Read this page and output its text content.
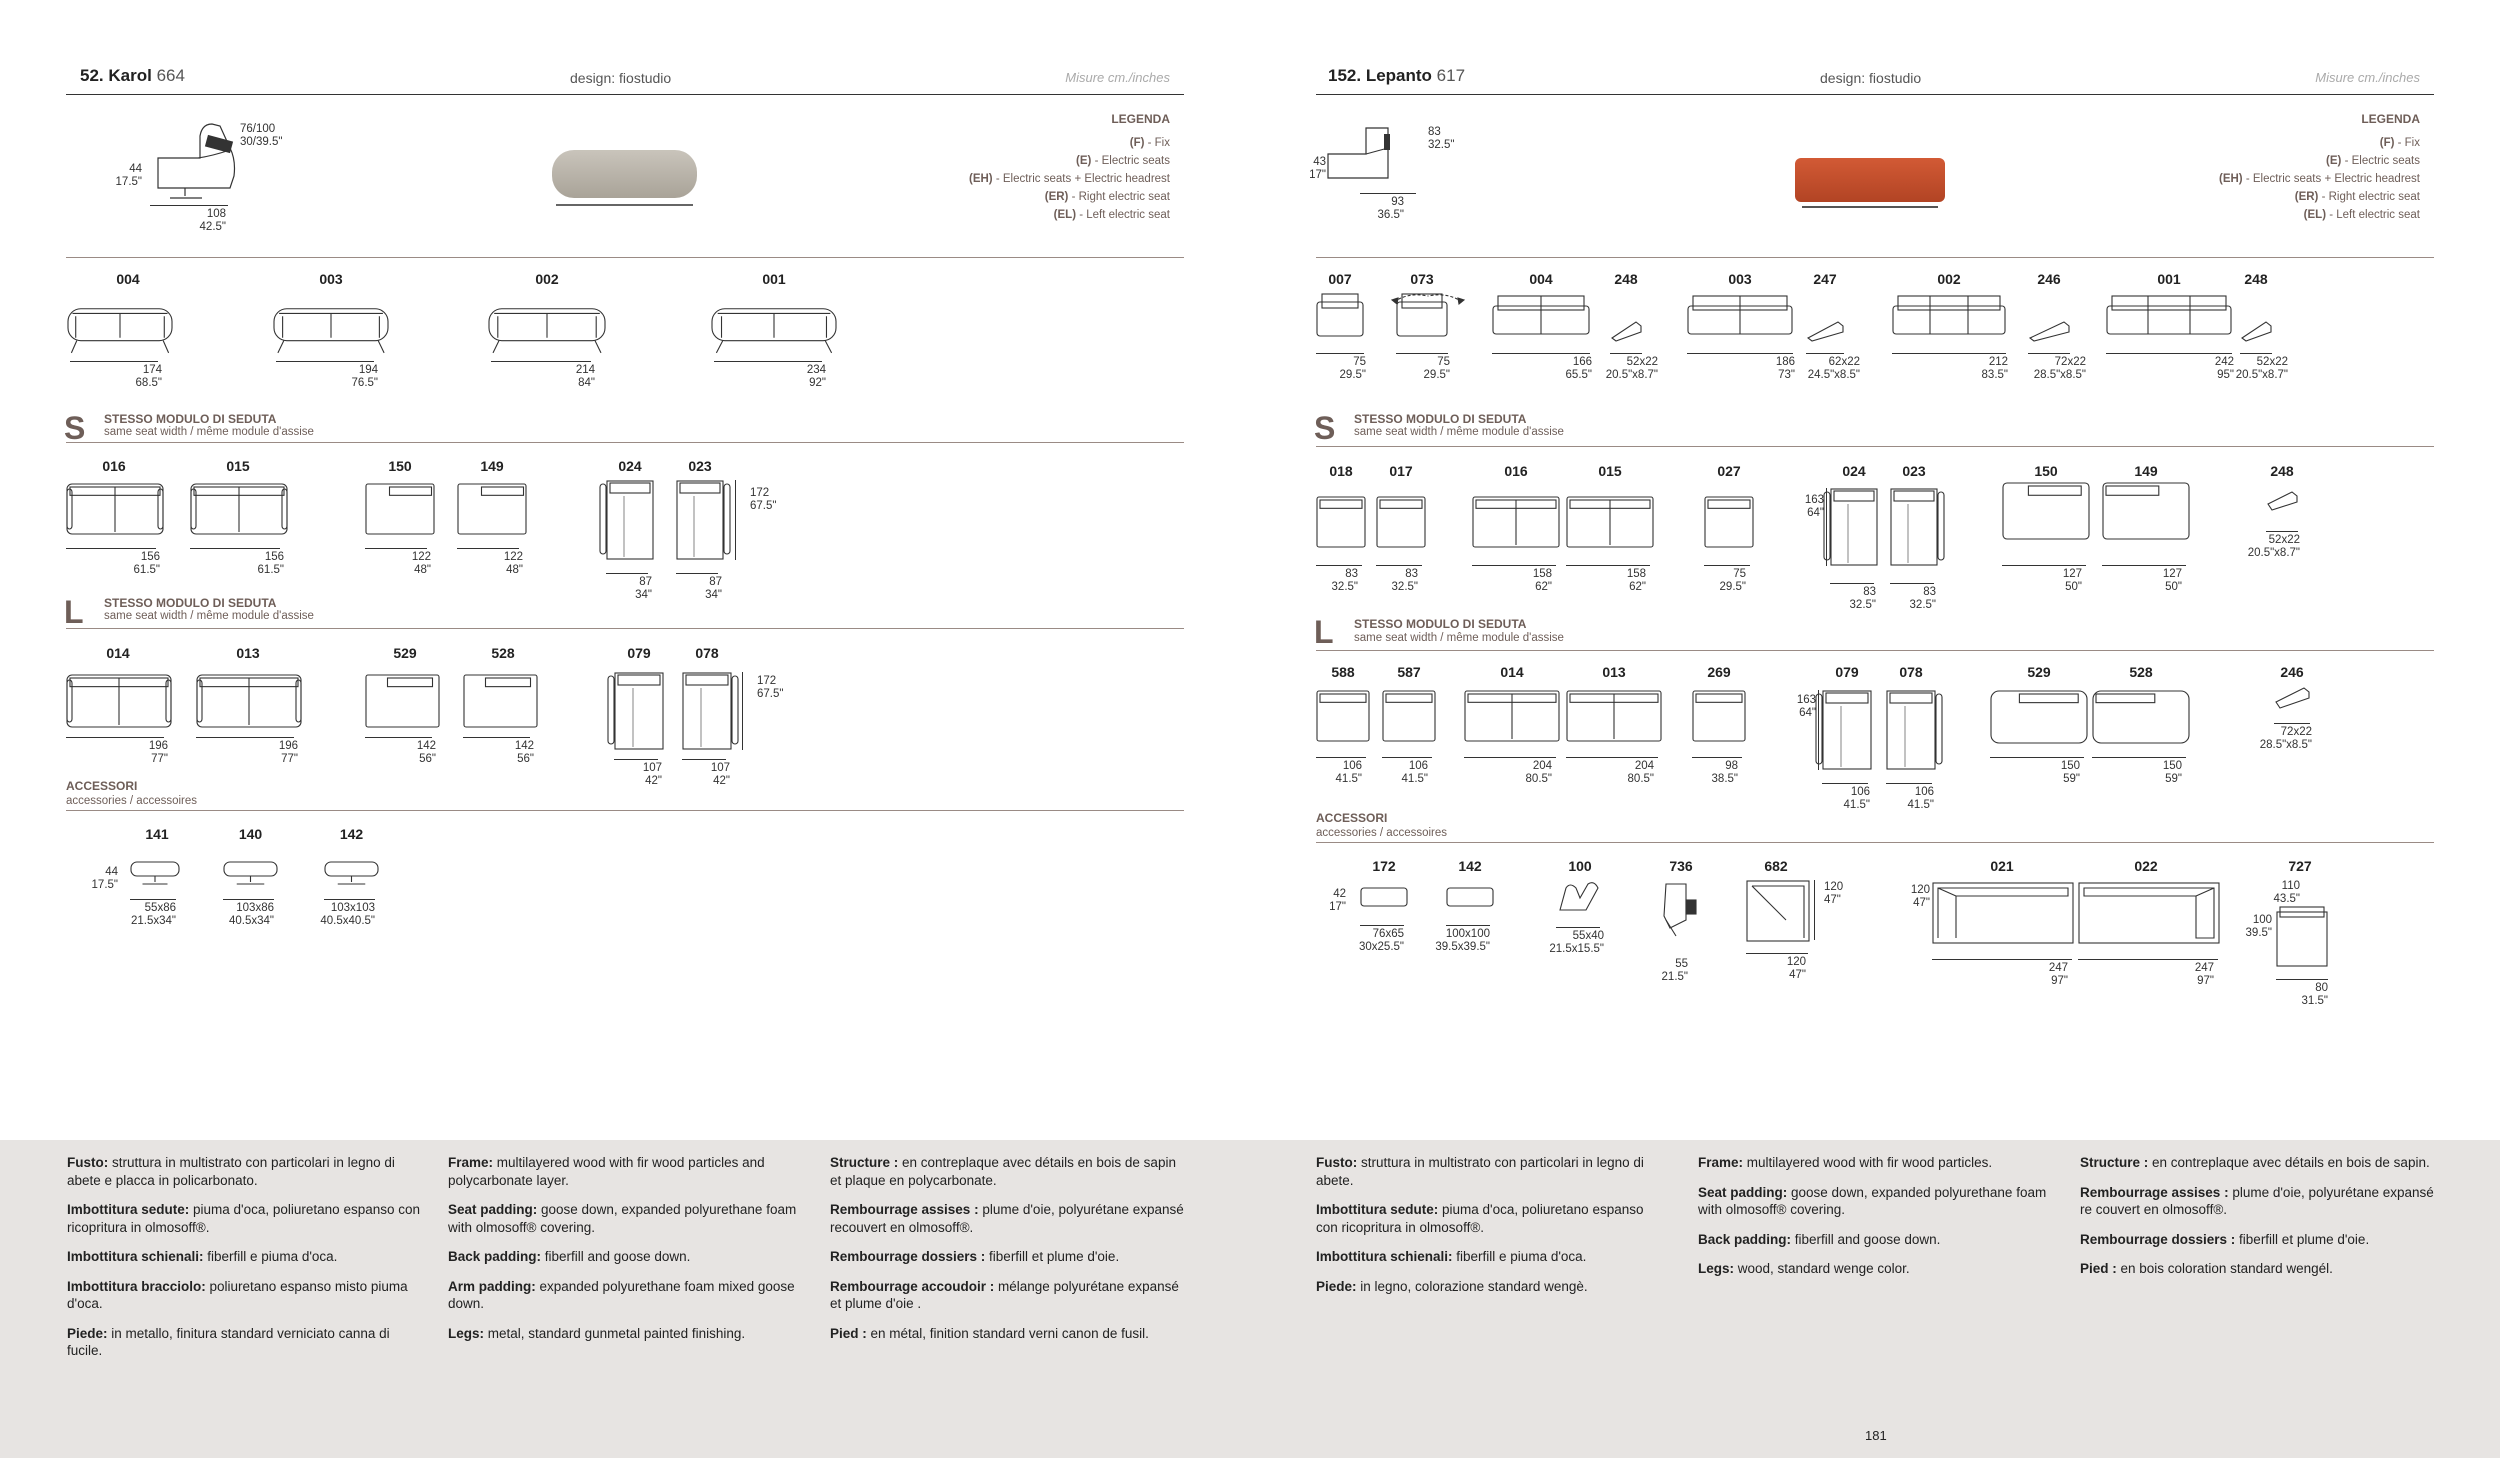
52. Karol 664	design: fiostudio	Misure cm./inches
76/100
30/39.5"
44
17.5"
108
42.5"
LEGENDA
(F) - Fix
(E) - Electric seats
(EH) - Electric seats + Electric headrest
(ER) - Right electric seat
(EL) - Left electric seat
004
174
68.5"
003
194
76.5"
002
214
84"
001
234
92"
S STESSO MODULO DI SEDUTA
same seat width / même module d'assise
016
156
61.5"
015
156
61.5"
150
122
48"
149
122
48"
024
87
34"
023
87
34"
172
67.5"
L STESSO MODULO DI SEDUTA
same seat width / même module d'assise
014
196
77"
013
196
77"
529
142
56"
528
142
56"
079
107
42"
078
107
42"
172
67.5"
ACCESSORI
accessories / accessoires
44
17.5"
141
55x86
21.5x34"
140
103x86
40.5x34"
142
103x103
40.5x40.5"

Fusto: struttura in multistrato con particolari in legno di abete e placca in policarbonato.

Imbottitura sedute: piuma d'oca, poliuretano espanso con ricopritura in olmosoff®.

Imbottitura schienali: fiberfill e piuma d'oca.

Imbottitura bracciolo: poliuretano espanso misto piuma d'oca.

Piede: in metallo, finitura standard verniciato canna di fucile.

Frame: multilayered wood with fir wood particles and polycarbonate layer.

Seat padding: goose down, expanded polyurethane foam with olmosoff® covering.

Back padding: fiberfill and goose down.

Arm padding: expanded polyurethane foam mixed goose down.

Legs: metal, standard gunmetal painted finishing.

Structure : en contreplaque avec détails en bois de sapin et plaque en polycarbonate.

Rembourrage assises : plume d'oie, polyurétane expansé recouvert en olmosoff®.

Rembourrage dossiers : fiberfill et plume d'oie.

Rembourrage accoudoir : mélange polyurétane expansé et plume d'oie .

Pied : en métal, finition standard verni canon de fusil.

152. Lepanto 617	design: fiostudio	Misure cm./inches
83
32.5"
43
17"
93
36.5"
LEGENDA
(F) - Fix
(E) - Electric seats
(EH) - Electric seats + Electric headrest
(ER) - Right electric seat
(EL) - Left electric seat
007
75
29.5"
073
75
29.5"
004
166
65.5"
248
52x22
20.5"x8.7"
003
186
73"
247
62x22
24.5"x8.5"
002
212
83.5"
246
72x22
28.5"x8.5"
001
242
95"
248
52x22
20.5"x8.7"
S STESSO MODULO DI SEDUTA
same seat width / même module d'assise
018
83
32.5"
017
83
32.5"
016
158
62"
015
158
62"
027
75
29.5"
024
83
32.5"
023
83
32.5"
150
127
50"
149
127
50"
248
52x22
20.5"x8.7"
163
64"
L STESSO MODULO DI SEDUTA
same seat width / même module d'assise
588
106
41.5"
587
106
41.5"
014
204
80.5"
013
204
80.5"
269
98
38.5"
079
106
41.5"
078
106
41.5"
529
150
59"
528
150
59"
246
72x22
28.5"x8.5"
163
64"
ACCESSORI
accessories / accessoires
42
17"
172
76x65
30x25.5"
142
100x100
39.5x39.5"
100
55x40
21.5x15.5"
736
55
21.5"
682
120
47"
120
47"
021	022
120
47"
247
97"
247
97"
727
110
43.5"
100
39.5"
80
31.5"

Fusto: struttura in multistrato con particolari in legno di abete.

Imbottitura sedute: piuma d'oca, poliuretano espanso con ricopritura in olmosoff®.

Imbottitura schienali: fiberfill e piuma d'oca.

Piede: in legno, colorazione standard wengè.

Frame: multilayered wood with fir wood particles.

Seat padding: goose down, expanded polyurethane foam with olmosoff® covering.

Back padding: fiberfill and goose down.

Legs: wood, standard wenge color.

Structure : en contreplaque avec détails en bois de sapin.

Rembourrage assises : plume d'oie, polyurétane expansé re couvert en olmosoff®.

Rembourrage dossiers : fiberfill et plume d'oie.

Pied : en bois coloration standard wengél.

181
